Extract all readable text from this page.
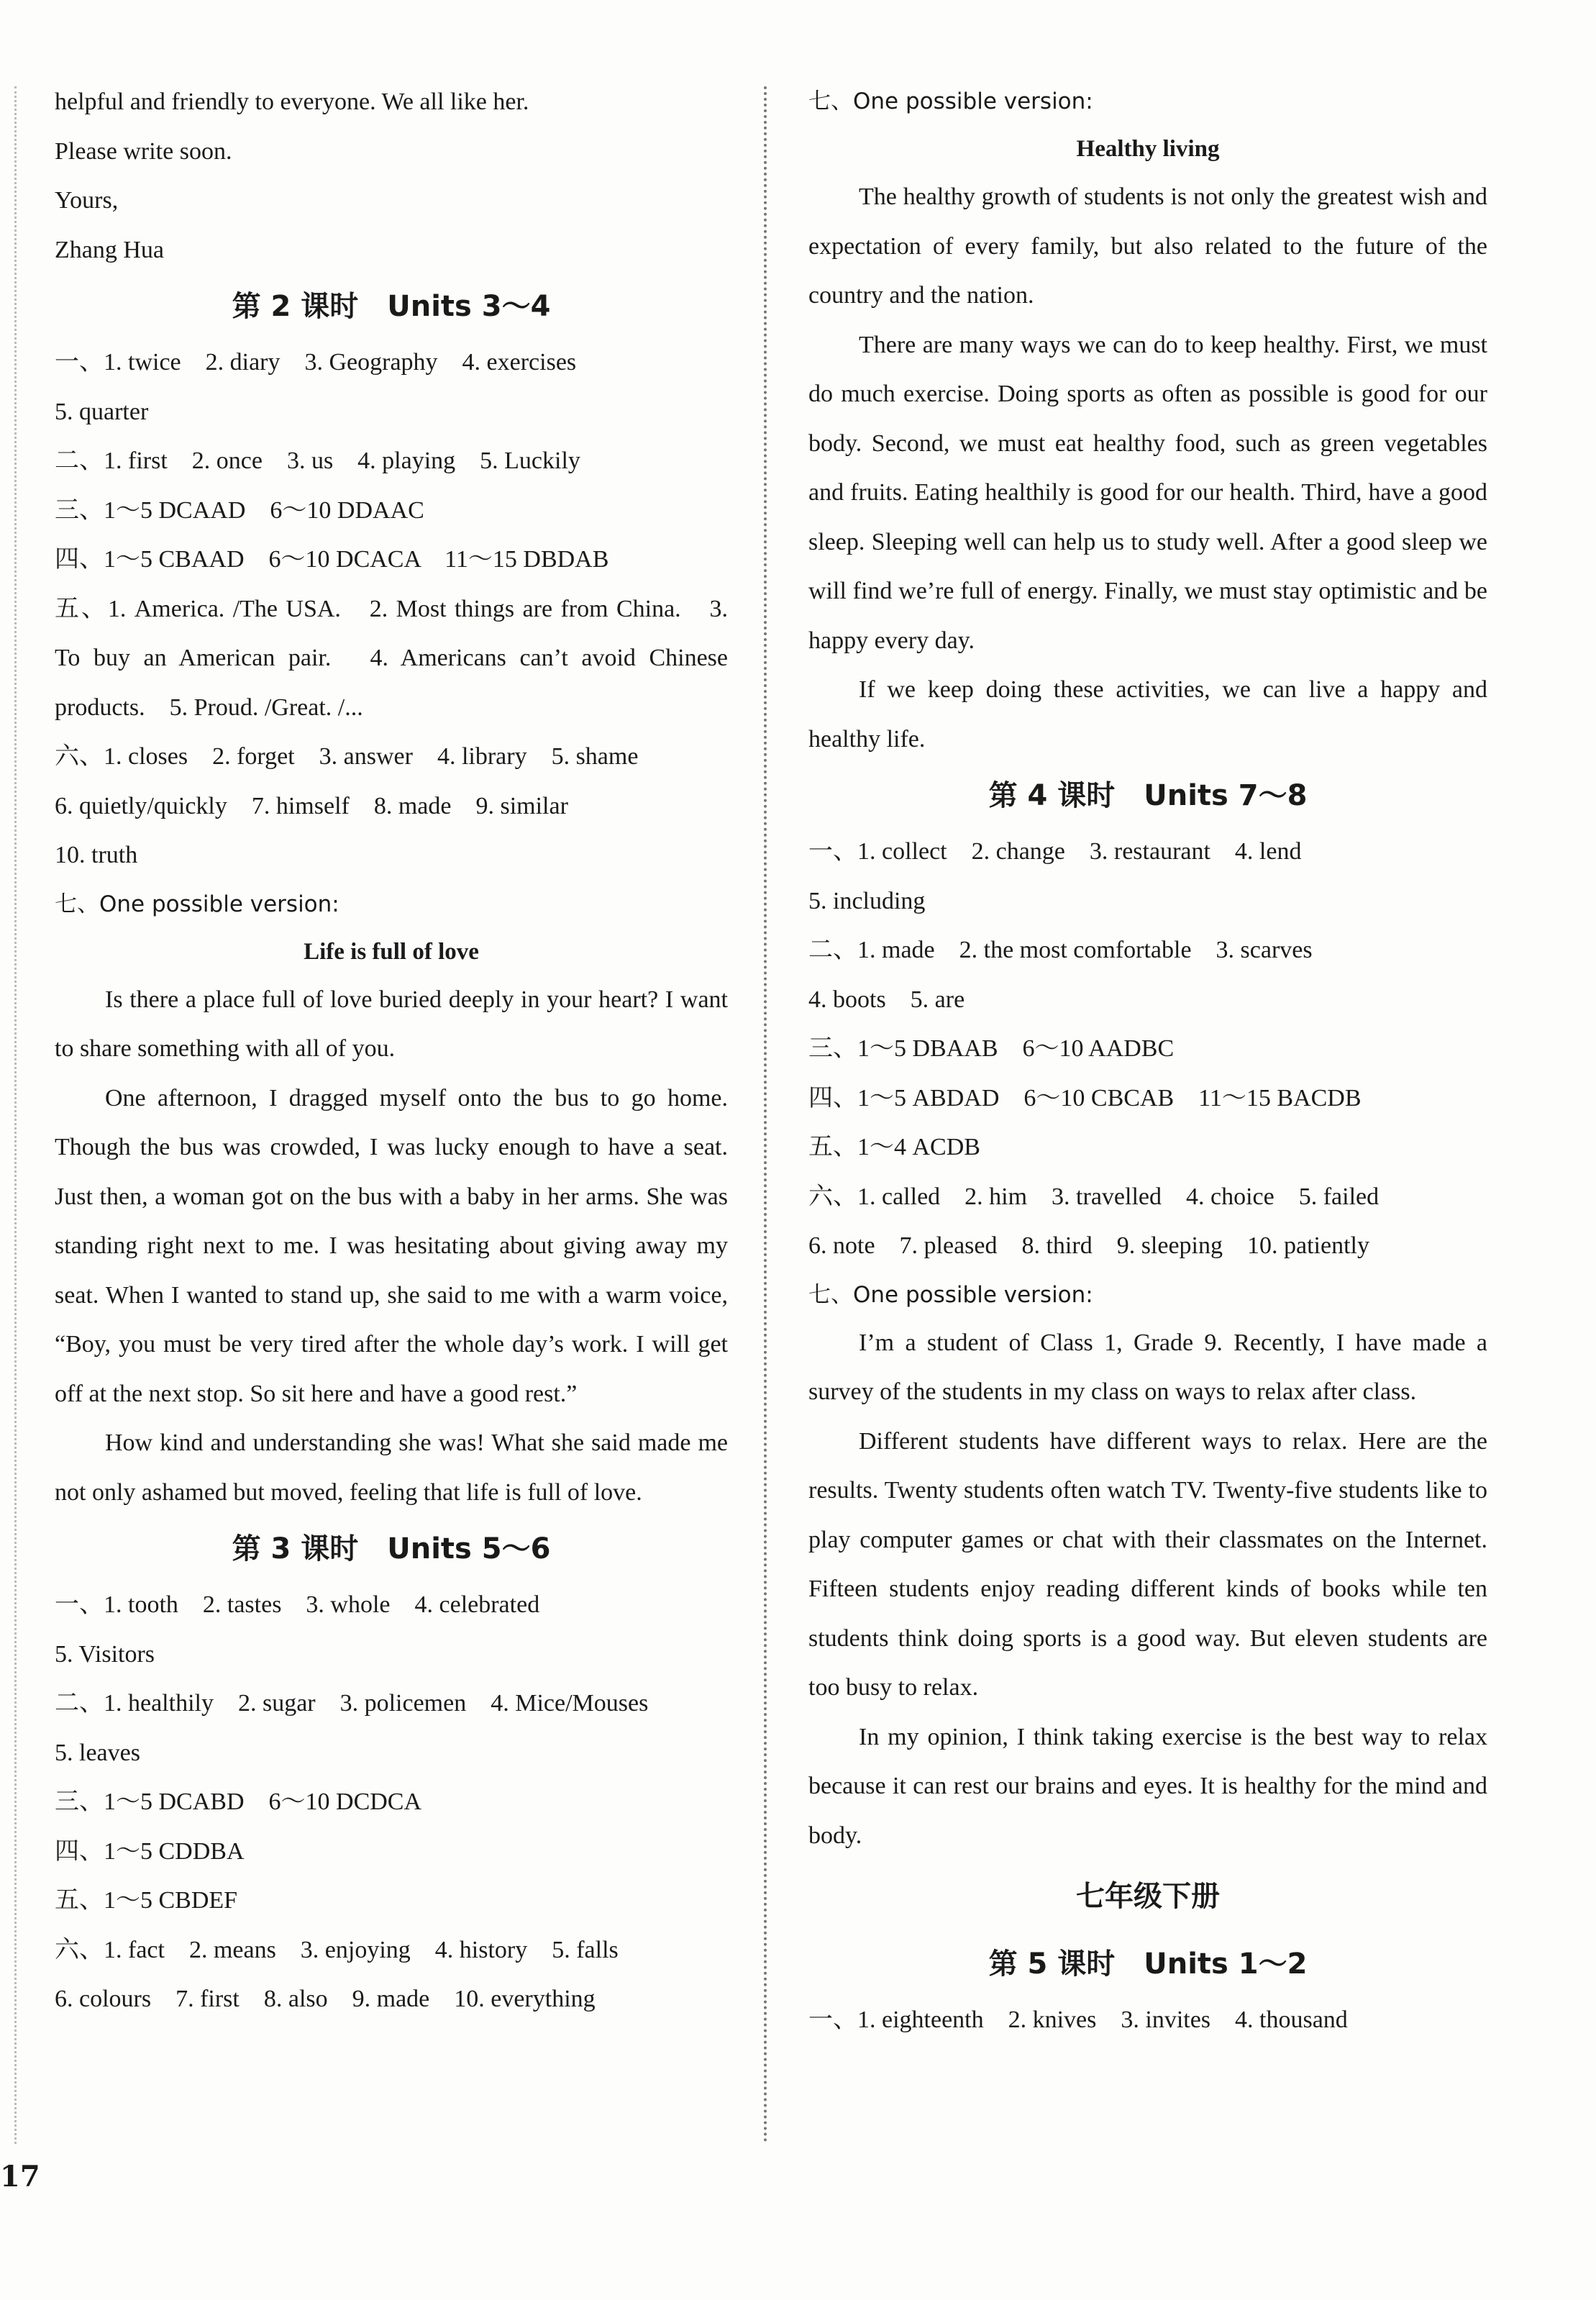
helpful and friendly to everyone. We all like her.
Please write soon.
Yours,
Zhang Hua
第 2 课时　Units 3～4
一、1. twice　2. diary　3. Geography　4. exercises
5. quarter
二、1. first　2. once　3. us　4. playing　5. Luckily
三、1～5 DCAAD　6～10 DDAAC
四、1～5 CBAAD　6～10 DCACA　11～15 DBDAB
五、1. America. /The USA.　2. Most things are from China.　3. To buy an American pair.　4. Americans can’t avoid Chinese products.　5. Proud. /Great. /...
六、1. closes　2. forget　3. answer　4. library　5. shame
6. quietly/quickly　7. himself　8. made　9. similar
10. truth
七、One possible version:
Life is full of love
Is there a place full of love buried deeply in your heart? I want to share something with all of you.
One afternoon, I dragged myself onto the bus to go home. Though the bus was crowded, I was lucky enough to have a seat. Just then, a woman got on the bus with a baby in her arms. She was standing right next to me. I was hesitating about giving away my seat. When I wanted to stand up, she said to me with a warm voice, “Boy, you must be very tired after the whole day’s work. I will get off at the next stop. So sit here and have a good rest.”
How kind and understanding she was! What she said made me not only ashamed but moved, feeling that life is full of love.
第 3 课时　Units 5～6
一、1. tooth　2. tastes　3. whole　4. celebrated
5. Visitors
二、1. healthily　2. sugar　3. policemen　4. Mice/Mouses
5. leaves
三、1～5 DCABD　6～10 DCDCA
四、1～5 CDDBA
五、1～5 CBDEF
六、1. fact　2. means　3. enjoying　4. history　5. falls
6. colours　7. first　8. also　9. made　10. everything
七、One possible version:
Healthy living
The healthy growth of students is not only the greatest wish and expectation of every family, but also related to the future of the country and the nation.
There are many ways we can do to keep healthy. First, we must do much exercise. Doing sports as often as possible is good for our body. Second, we must eat healthy food, such as green vegetables and fruits. Eating healthily is good for our health. Third, have a good sleep. Sleeping well can help us to study well. After a good sleep we will find we’re full of energy. Finally, we must stay optimistic and be happy every day.
If we keep doing these activities, we can live a happy and healthy life.
第 4 课时　Units 7～8
一、1. collect　2. change　3. restaurant　4. lend
5. including
二、1. made　2. the most comfortable　3. scarves
4. boots　5. are
三、1～5 DBAAB　6～10 AADBC
四、1～5 ABDAD　6～10 CBCAB　11～15 BACDB
五、1～4 ACDB
六、1. called　2. him　3. travelled　4. choice　5. failed
6. note　7. pleased　8. third　9. sleeping　10. patiently
七、One possible version:
I’m a student of Class 1, Grade 9. Recently, I have made a survey of the students in my class on ways to relax after class.
Different students have different ways to relax. Here are the results. Twenty students often watch TV. Twenty-five students like to play computer games or chat with their classmates on the Internet. Fifteen students enjoy reading different kinds of books while ten students think doing sports is a good way. But eleven students are too busy to relax.
In my opinion, I think taking exercise is the best way to relax because it can rest our brains and eyes. It is healthy for the mind and body.
七年级下册
第 5 课时　Units 1～2
一、1. eighteenth　2. knives　3. invites　4. thousand
17
